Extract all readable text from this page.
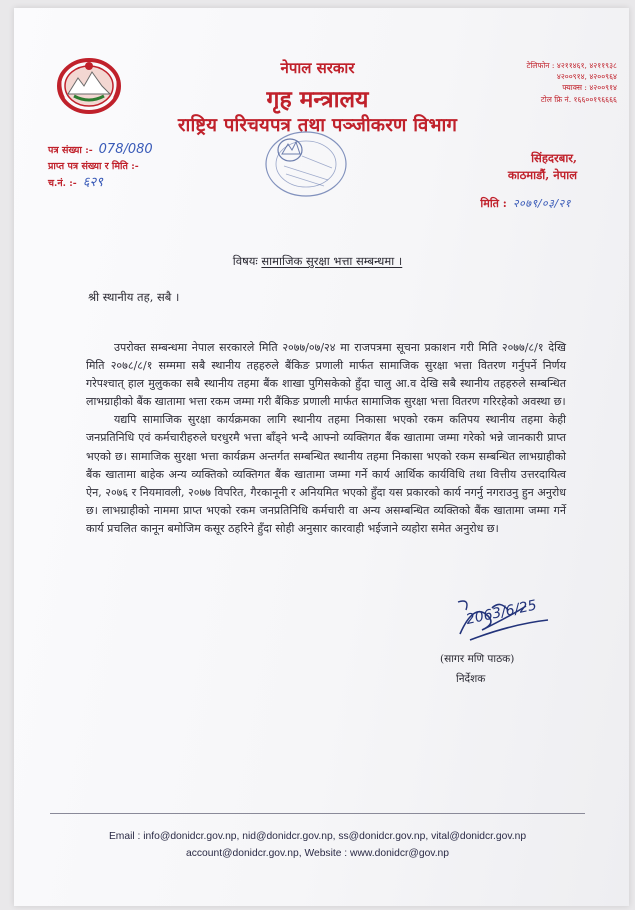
नेपाल सरकार
गृह मन्त्रालय
राष्ट्रिय परिचयपत्र तथा पञ्जीकरण विभाग
टेलिफोन : ४२११४६१, ४२११९३८
४२००९१४, ४२००९६४
फ्याक्स : ४२००९१४
टोल फ्रि नं. १६६००१९६६६६
पत्र संख्या :- 078/080
प्राप्त पत्र संख्या र मिति :-
च.नं. :- ६२९
सिंहदरबार,
काठमाडौं, नेपाल
मिति : २०७९/०३/२१
विषयः सामाजिक सुरक्षा भत्ता सम्बन्धमा ।
श्री स्थानीय तह, सबै ।

उपरोक्त सम्बन्धमा नेपाल सरकारले मिति २०७७/०७/२४ मा राजपत्रमा सूचना प्रकाशन गरी मिति २०७७/८/१ देखि मिति २०७८/८/१ सम्ममा सबै स्थानीय तहहरुले बैंकिङ प्रणाली मार्फत सामाजिक सुरक्षा भत्ता वितरण गर्नुपर्ने निर्णय गरेपश्चात् हाल मुलुकका सबै स्थानीय तहमा बैंक शाखा पुगिसकेको हुँदा चालु आ.व देखि सबै स्थानीय तहहरुले सम्बन्धित लाभग्राहीको बैंक खातामा भत्ता रकम जम्मा गरी बैंकिङ प्रणाली मार्फत सामाजिक सुरक्षा भत्ता वितरण गरिरहेको अवस्था छ।

यद्यपि सामाजिक सुरक्षा कार्यक्रमका लागि स्थानीय तहमा निकासा भएको रकम कतिपय स्थानीय तहमा केही जनप्रतिनिधि एवं कर्मचारीहरुले घरधुरमै भत्ता बाँड्ने भन्दै आफ्नो व्यक्तिगत बैंक खातामा जम्मा गरेको भन्ने जानकारी प्राप्त भएको छ। सामाजिक सुरक्षा भत्ता कार्यक्रम अन्तर्गत सम्बन्धित स्थानीय तहमा निकासा भएको रकम सम्बन्धित लाभग्राहीको बैंक खातामा बाहेक अन्य व्यक्तिको व्यक्तिगत बैंक खातामा जम्मा गर्ने कार्य आर्थिक कार्यविधि तथा वित्तीय उत्तरदायित्व ऐन, २०७६ र नियमावली, २०७७ विपरित, गैरकानूनी र अनियमित भएको हुँदा यस प्रकारको कार्य नगर्नु नगराउनु हुन अनुरोध छ। लाभग्राहीको नाममा प्राप्त भएको रकम जनप्रतिनिधि कर्मचारी वा अन्य असम्बन्धित व्यक्तिको बैंक खातामा जम्मा गर्ने कार्य प्रचलित कानून बमोजिम कसूर ठहरिने हुँदा सोही अनुसार कारवाही भईजाने व्यहोरा समेत अनुरोध छ।

2063/6/25
(सागर मणि पाठक)
निर्देशक
Email : info@donidcr.gov.np, nid@donidcr.gov.np, ss@donidcr.gov.np, vital@donidcr.gov.np
account@donidcr.gov.np, Website : www.donidcr@gov.np
